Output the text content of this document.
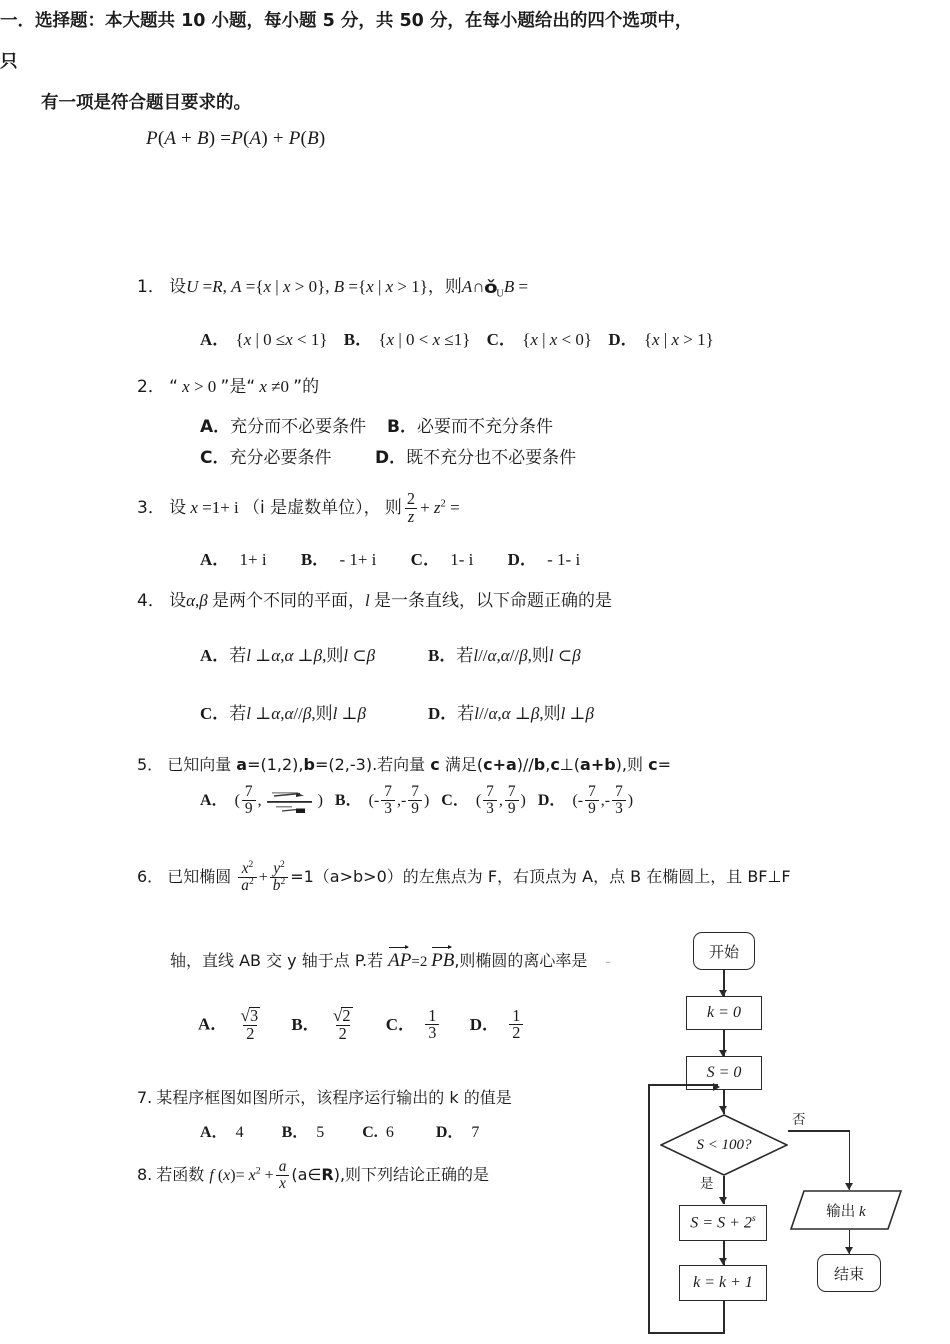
P(A + B) =P(A) + P(B)
一．选择题：本大题共 10 小题，每小题 5 分，共 50 分，在每小题给出的四个选项中，只
有一项是符合题目要求的。
1． 设U =R, A ={x | x > 0}, B ={x | x > 1}，则$A\cap ǒ_UB$ =
A． {x | 0 ≤x < 1} B． {x | 0 < x ≤1} C． {x | x < 0} D． {x | x > 1}
2． “ x > 0 ”是“ x ≠0 ”的
A．充分而不必要条件 B．必要而不充分条件
C．充分必要条件	D．既不充分也不必要条件
3． 设 x =1+ i （i 是虚数单位）， 则 $\frac{2}{z} + z^2$ =
A． 1+ i B． - 1+ i C． 1- i D． - 1- i
4． 设α,β 是两个不同的平面，l 是一条直线，以下命题正确的是
A．若l ⊥α,α ⊥β,则l ⊂β	B．若l//α,α//β,则l ⊂β
C．若l ⊥α,α//β,则l ⊥β	D．若l//α,α ⊥β,则l ⊥β
5． 已知向量 a=(1,2),b=(2,-3).若向量 c 满足(c+a)//b,c⊥(a+b),则 c=
A． ( $\frac{7}{9}$ ,	) B． (- $\frac{7}{3}$ ,- $\frac{7}{9}$ ) C． ( $\frac{7}{3}$ , $\frac{7}{9}$ ) D． (- $\frac{7}{9}$ ,- $\frac{7}{3}$ )
6． 已知椭圆 $\frac{x^2}{a^2} + \frac{y^2}{b^2} =1(a>b>0)$的左焦点为 F，右顶点为 A，点 B 在椭圆上，且 BF⊥F
轴，直线 AB 交 y 轴于点 P.若 AP=2 PB,则椭圆的离心率是 -
A． $\frac{√3}{2}$ B． $\frac{√2}{2}$ C． $\frac{1}{3}$ D． $\frac{1}{2}$
7. 某程序框图如图所示，该程序运行输出的 k 的值是
A． 4 B． 5 C. 6	D． 7
8. 若函数 f $(x)= x^2 + \frac{a}{x}$ (a∈R),则下列结论正确的是
开始
k = 0
S = 0
S < 100?
是
否
$S = S + 2^s$
k = k + 1
输出 k
结束
